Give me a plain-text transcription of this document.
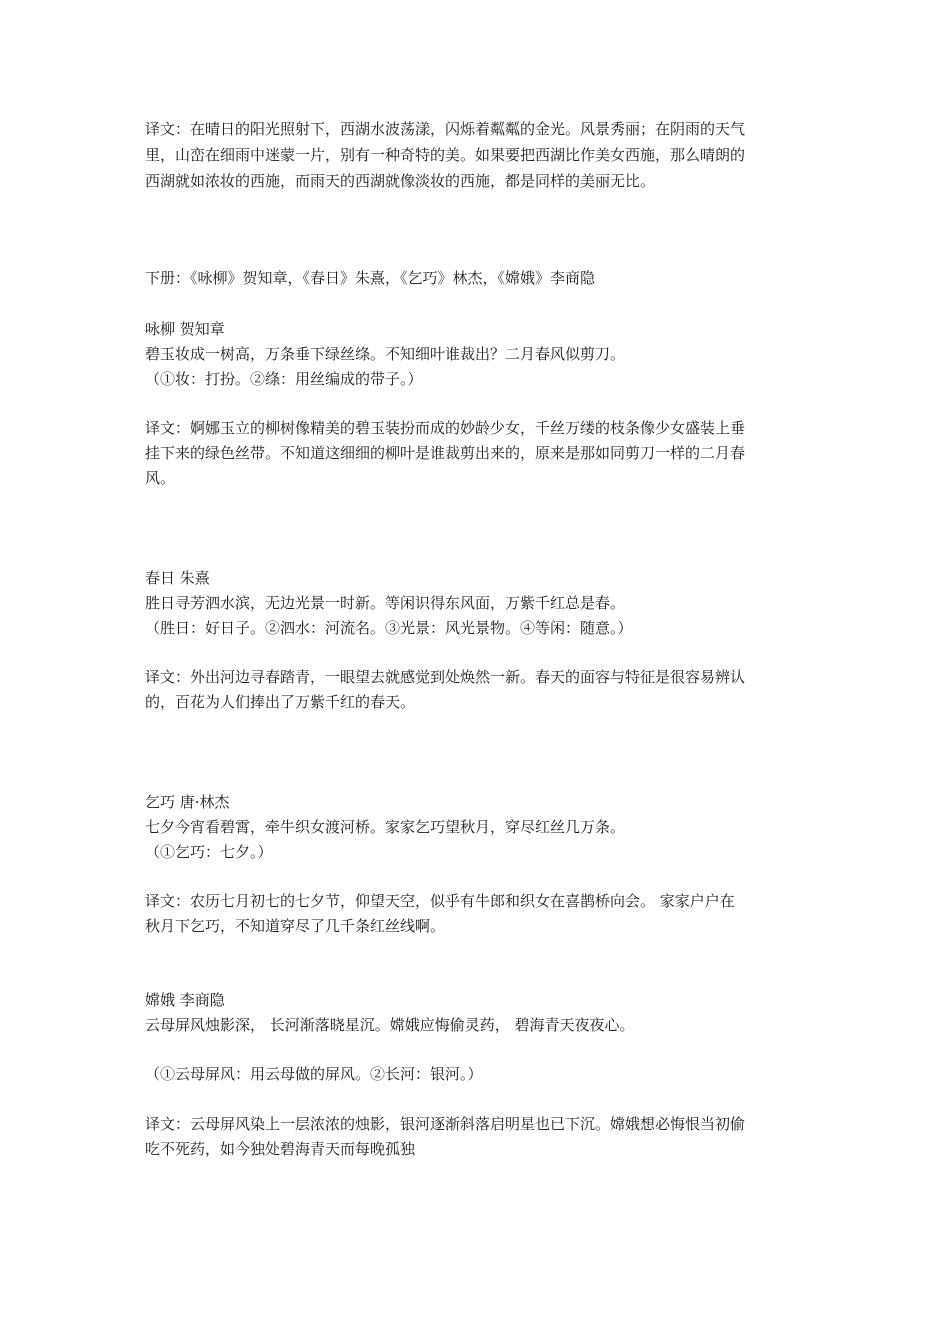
译文：在晴日的阳光照射下，西湖水波荡漾，闪烁着粼粼的金光。风景秀丽；在阴雨的天气
里，山峦在细雨中迷蒙一片，别有一种奇特的美。如果要把西湖比作美女西施，那么晴朗的
西湖就如浓妆的西施，而雨天的西湖就像淡妆的西施，都是同样的美丽无比。
下册：《咏柳》贺知章，《春日》朱熹，《乞巧》林杰，《嫦娥》李商隐
咏柳 贺知章
碧玉妆成一树高，万条垂下绿丝绦。不知细叶谁裁出？二月春风似剪刀。
（①妆：打扮。②绦：用丝编成的带子。）
译文：婀娜玉立的柳树像精美的碧玉装扮而成的妙龄少女，千丝万缕的枝条像少女盛装上垂
挂下来的绿色丝带。不知道这细细的柳叶是谁裁剪出来的，原来是那如同剪刀一样的二月春
风。
春日 朱熹
胜日寻芳泗水滨，无边光景一时新。等闲识得东风面，万紫千红总是春。
（胜日：好日子。②泗水：河流名。③光景：风光景物。④等闲：随意。）
译文：外出河边寻春踏青，一眼望去就感觉到处焕然一新。春天的面容与特征是很容易辨认
的，百花为人们捧出了万紫千红的春天。
乞巧 唐·林杰
七夕今宵看碧霄，牵牛织女渡河桥。家家乞巧望秋月，穿尽红丝几万条。
（①乞巧：七夕。）
译文：农历七月初七的七夕节，仰望天空，似乎有牛郎和织女在喜鹊桥向会。 家家户户在
秋月下乞巧，不知道穿尽了几千条红丝线啊。
嫦娥 李商隐
云母屏风烛影深， 长河渐落晓星沉。嫦娥应悔偷灵药， 碧海青天夜夜心。
（①云母屏风：用云母做的屏风。②长河：银河。）
译文：云母屏风染上一层浓浓的烛影，银河逐渐斜落启明星也已下沉。嫦娥想必悔恨当初偷
吃不死药，如今独处碧海青天而每晚孤独
